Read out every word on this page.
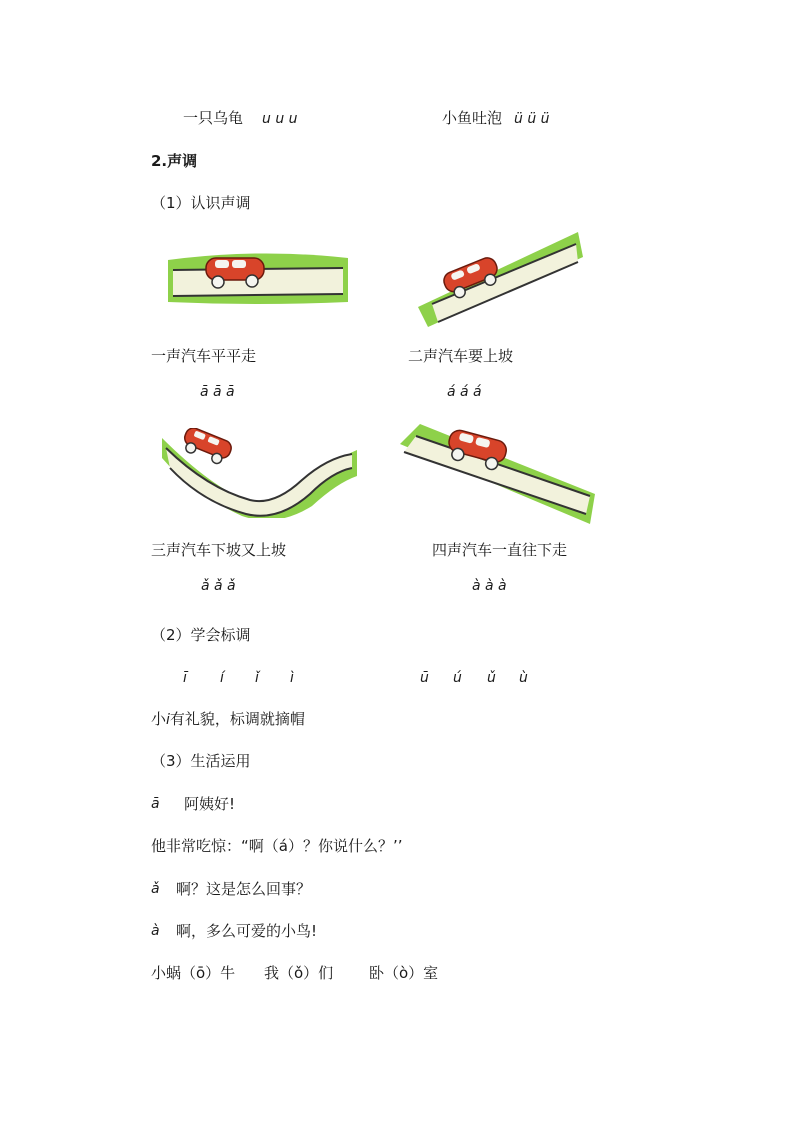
一只乌龟 u u u	小鱼吐泡 ü ü ü
2.声调
（1）认识声调
一声汽车平平走	二声汽车要上坡
ā ā ā	á á á
三声汽车下坡又上坡	四声汽车一直往下走
ǎ ǎ ǎ	à à à
（2）学会标调
ī í ǐ ì	ū ú ǔ ù
小i有礼貌，标调就摘帽
（3）生活运用
ā 阿姨好!
他非常吃惊：“啊（á）？你说什么？’’
ǎ 啊？这是怎么回事？
à 啊，多么可爱的小鸟!
小蜗（ō）牛 我（ǒ）们 卧（ò）室
